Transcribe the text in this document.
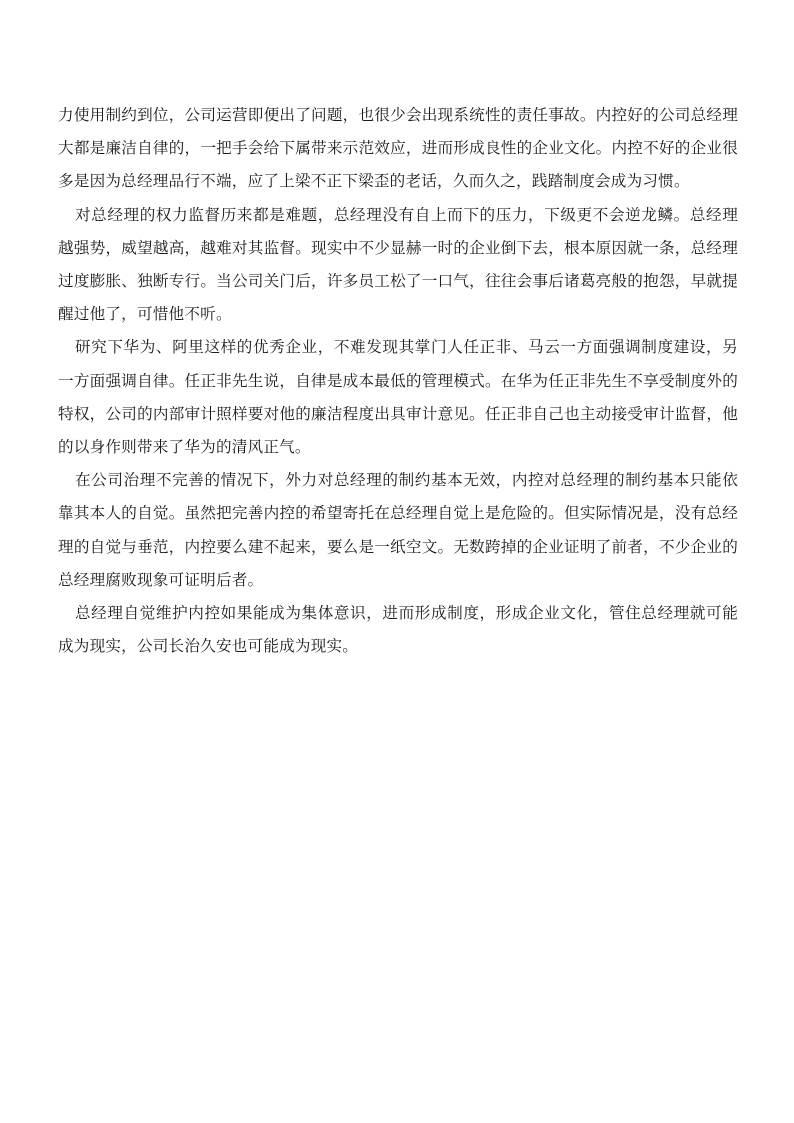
力使用制约到位，公司运营即便出了问题，也很少会出现系统性的责任事故。内控好的公司总经理大都是廉洁自律的，一把手会给下属带来示范效应，进而形成良性的企业文化。内控不好的企业很多是因为总经理品行不端，应了上梁不正下梁歪的老话，久而久之，践踏制度会成为习惯。

对总经理的权力监督历来都是难题，总经理没有自上而下的压力，下级更不会逆龙鳞。总经理越强势，威望越高，越难对其监督。现实中不少显赫一时的企业倒下去，根本原因就一条，总经理过度膨胀、独断专行。当公司关门后，许多员工松了一口气，往往会事后诸葛亮般的抱怨，早就提醒过他了，可惜他不听。

研究下华为、阿里这样的优秀企业，不难发现其掌门人任正非、马云一方面强调制度建设，另一方面强调自律。任正非先生说，自律是成本最低的管理模式。在华为任正非先生不享受制度外的特权，公司的内部审计照样要对他的廉洁程度出具审计意见。任正非自己也主动接受审计监督，他的以身作则带来了华为的清风正气。

在公司治理不完善的情况下，外力对总经理的制约基本无效，内控对总经理的制约基本只能依靠其本人的自觉。虽然把完善内控的希望寄托在总经理自觉上是危险的。但实际情况是，没有总经理的自觉与垂范，内控要么建不起来，要么是一纸空文。无数跨掉的企业证明了前者，不少企业的总经理腐败现象可证明后者。

总经理自觉维护内控如果能成为集体意识，进而形成制度，形成企业文化，管住总经理就可能成为现实，公司长治久安也可能成为现实。
